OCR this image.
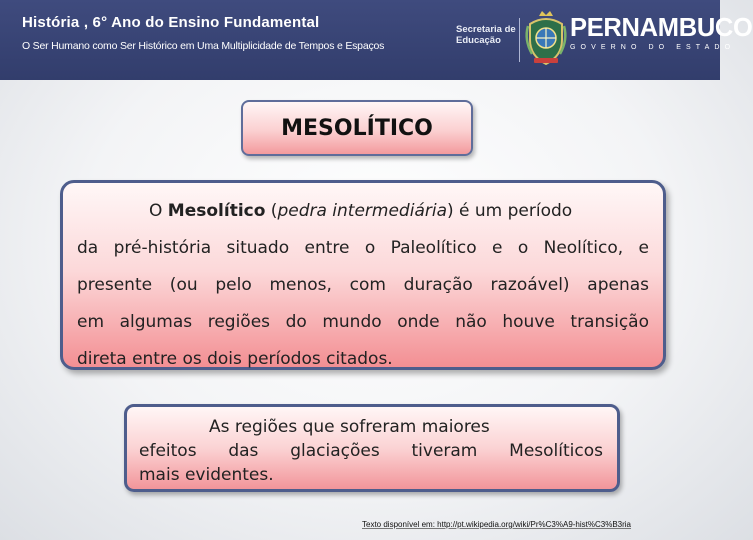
História , 6° Ano do Ensino Fundamental
O Ser Humano como Ser Histórico em Uma Multiplicidade de Tempos e Espaços
Secretaria de
Educação	PERNAMBUCO
GOVERNO DO ESTADO
MESOLÍTICO
O Mesolítico (pedra intermediária) é um período
da pré-história situado entre o Paleolítico e o Neolítico, e
presente (ou pelo menos, com duração razoável) apenas
em algumas regiões do mundo onde não houve transição
direta entre os dois períodos citados.
As regiões que sofreram maiores
efeitos das glaciações tiveram Mesolíticos
mais evidentes.
Texto disponível em: http://pt.wikipedia.org/wiki/Pr%C3%A9-hist%C3%B3ria
